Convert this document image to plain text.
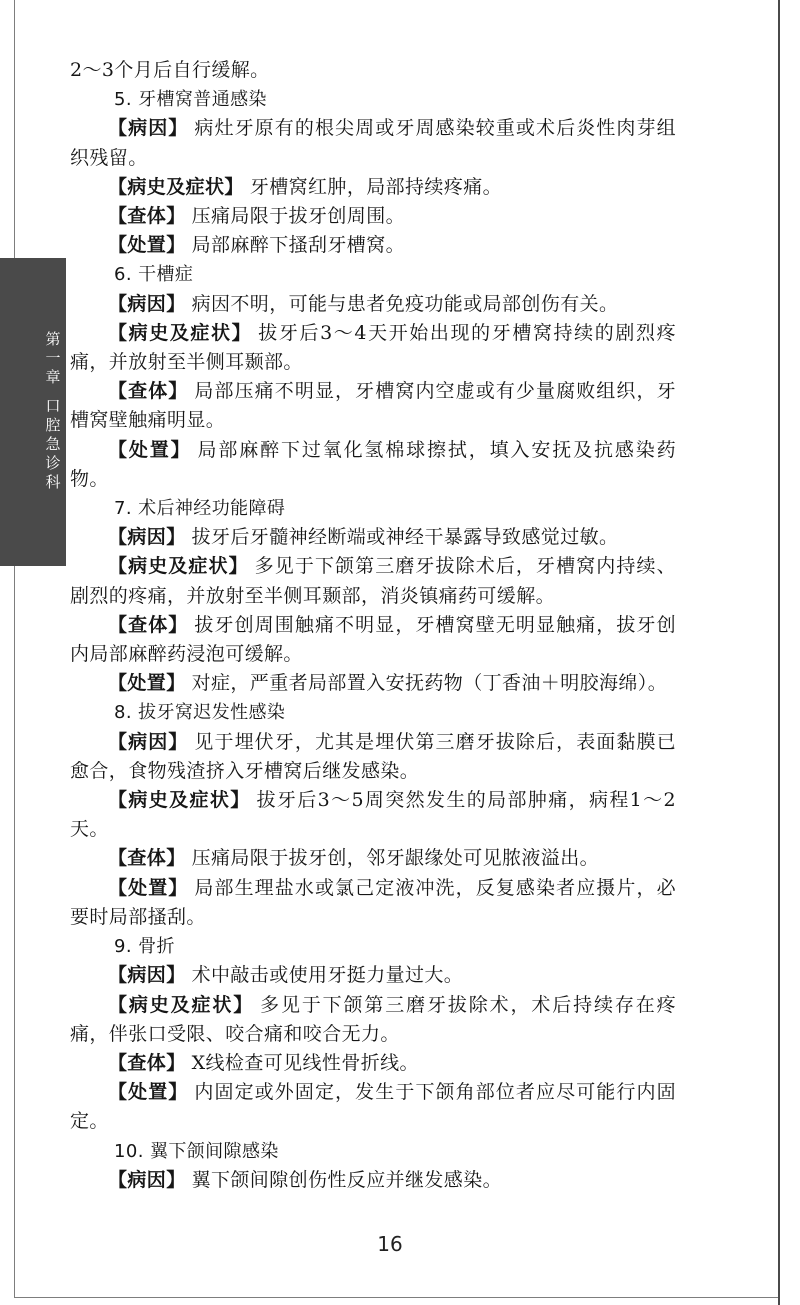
第一章
口腔急诊科

2～3个月后自行缓解。

5. 牙槽窝普通感染

【病因】 病灶牙原有的根尖周或牙周感染较重或术后炎性肉芽组织残留。

【病史及症状】 牙槽窝红肿，局部持续疼痛。

【查体】 压痛局限于拔牙创周围。

【处置】 局部麻醉下搔刮牙槽窝。

6. 干槽症

【病因】 病因不明，可能与患者免疫功能或局部创伤有关。

【病史及症状】 拔牙后3～4天开始出现的牙槽窝持续的剧烈疼痛，并放射至半侧耳颞部。

【查体】 局部压痛不明显，牙槽窝内空虚或有少量腐败组织，牙槽窝壁触痛明显。

【处置】 局部麻醉下过氧化氢棉球擦拭，填入安抚及抗感染药物。

7. 术后神经功能障碍

【病因】 拔牙后牙髓神经断端或神经干暴露导致感觉过敏。

【病史及症状】 多见于下颌第三磨牙拔除术后，牙槽窝内持续、剧烈的疼痛，并放射至半侧耳颞部，消炎镇痛药可缓解。

【查体】 拔牙创周围触痛不明显，牙槽窝壁无明显触痛，拔牙创内局部麻醉药浸泡可缓解。

【处置】 对症，严重者局部置入安抚药物（丁香油＋明胶海绵）。

8. 拔牙窝迟发性感染

【病因】 见于埋伏牙，尤其是埋伏第三磨牙拔除后，表面黏膜已愈合，食物残渣挤入牙槽窝后继发感染。

【病史及症状】 拔牙后3～5周突然发生的局部肿痛，病程1～2天。

【查体】 压痛局限于拔牙创，邻牙龈缘处可见脓液溢出。

【处置】 局部生理盐水或氯己定液冲洗，反复感染者应摄片，必要时局部搔刮。

9. 骨折

【病因】 术中敲击或使用牙挺力量过大。

【病史及症状】 多见于下颌第三磨牙拔除术，术后持续存在疼痛，伴张口受限、咬合痛和咬合无力。

【查体】 X线检查可见线性骨折线。

【处置】 内固定或外固定，发生于下颌角部位者应尽可能行内固定。

10. 翼下颌间隙感染

【病因】 翼下颌间隙创伤性反应并继发感染。

16
